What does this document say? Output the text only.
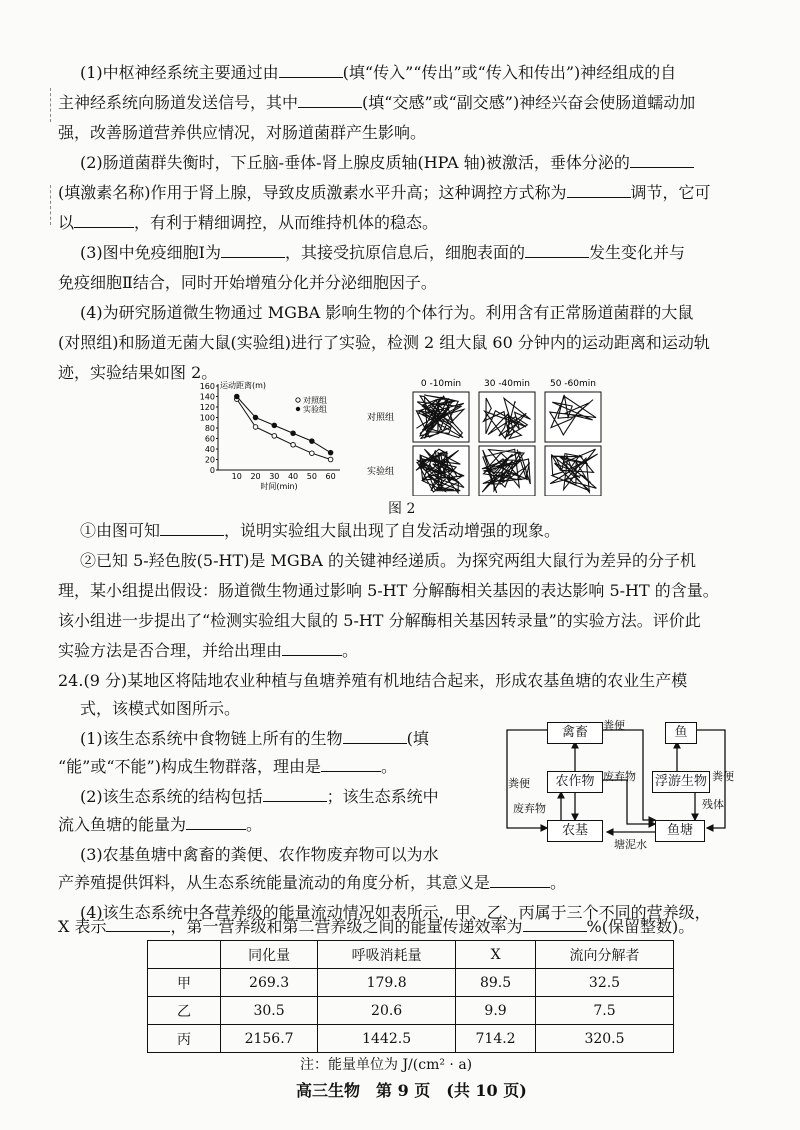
(1)中枢神经系统主要通过由	(填“传入”“传出”或“传入和传出”)神经组成的自
主神经系统向肠道发送信号，其中	(填“交感”或“副交感”)神经兴奋会使肠道蠕动加
强，改善肠道营养供应情况，对肠道菌群产生影响。
(2)肠道菌群失衡时，下丘脑-垂体-肾上腺皮质轴(HPA 轴)被激活，垂体分泌的
(填激素名称)作用于肾上腺，导致皮质激素水平升高；这种调控方式称为	调节，它可
以	，有利于精细调控，从而维持机体的稳态。
(3)图中免疫细胞Ⅰ为	，其接受抗原信息后，细胞表面的	发生变化并与
免疫细胞Ⅱ结合，同时开始增殖分化并分泌细胞因子。
(4)为研究肠道微生物通过 MGBA 影响生物的个体行为。利用含有正常肠道菌群的大鼠
(对照组)和肠道无菌大鼠(实验组)进行了实验，检测 2 组大鼠 60 分钟内的运动距离和运动轨
迹，实验结果如图 2。
0
20
40
60
80
100
120
140
160
10 20 30 40 50 60
运动距离(m)
时间(min)
对照组
实验组
0 -10min	30 -40min 50 -60min
对照组
实验组
图 2
①由图可知	，说明实验组大鼠出现了自发活动增强的现象。
②已知 5-羟色胺(5-HT)是 MGBA 的关键神经递质。为探究两组大鼠行为差异的分子机
理，某小组提出假设：肠道微生物通过影响 5-HT 分解酶相关基因的表达影响 5-HT 的含量。
该小组进一步提出了“检测实验组大鼠的 5-HT 分解酶相关基因转录量”的实验方法。评价此
实验方法是否合理，并给出理由	。
24.(9 分)某地区将陆地农业种植与鱼塘养殖有机地结合起来，形成农基鱼塘的农业生产模
式，该模式如图所示。
(1)该生态系统中食物链上所有的生物	(填
“能”或“不能”)构成生物群落，理由是	。
(2)该生态系统的结构包括	；该生态系统中
流入鱼塘的能量为	。
(3)农基鱼塘中禽畜的粪便、农作物废弃物可以为水
产养殖提供饵料，从生态系统能量流动的角度分析，其意义是	。
(4)该生态系统中各营养级的能量流动情况如表所示，甲、乙、丙属于三个不同的营养级，
X 表示	，第一营养级和第二营养级之间的能量传递效率为	%(保留整数)。
禽畜
农作物
农基
鱼
浮游生物
鱼塘
粪便
粪便
废弃物
废弃物
粪便
残体
塘泥水
	同化量	呼吸消耗量	X	流向分解者
甲	269.3	179.8	89.5	32.5
乙	30.5	20.6	9.9	7.5
丙	2156.7	1442.5	714.2	320.5
注：能量单位为 J/(cm² · a)
高三生物　第 9 页　(共 10 页)
